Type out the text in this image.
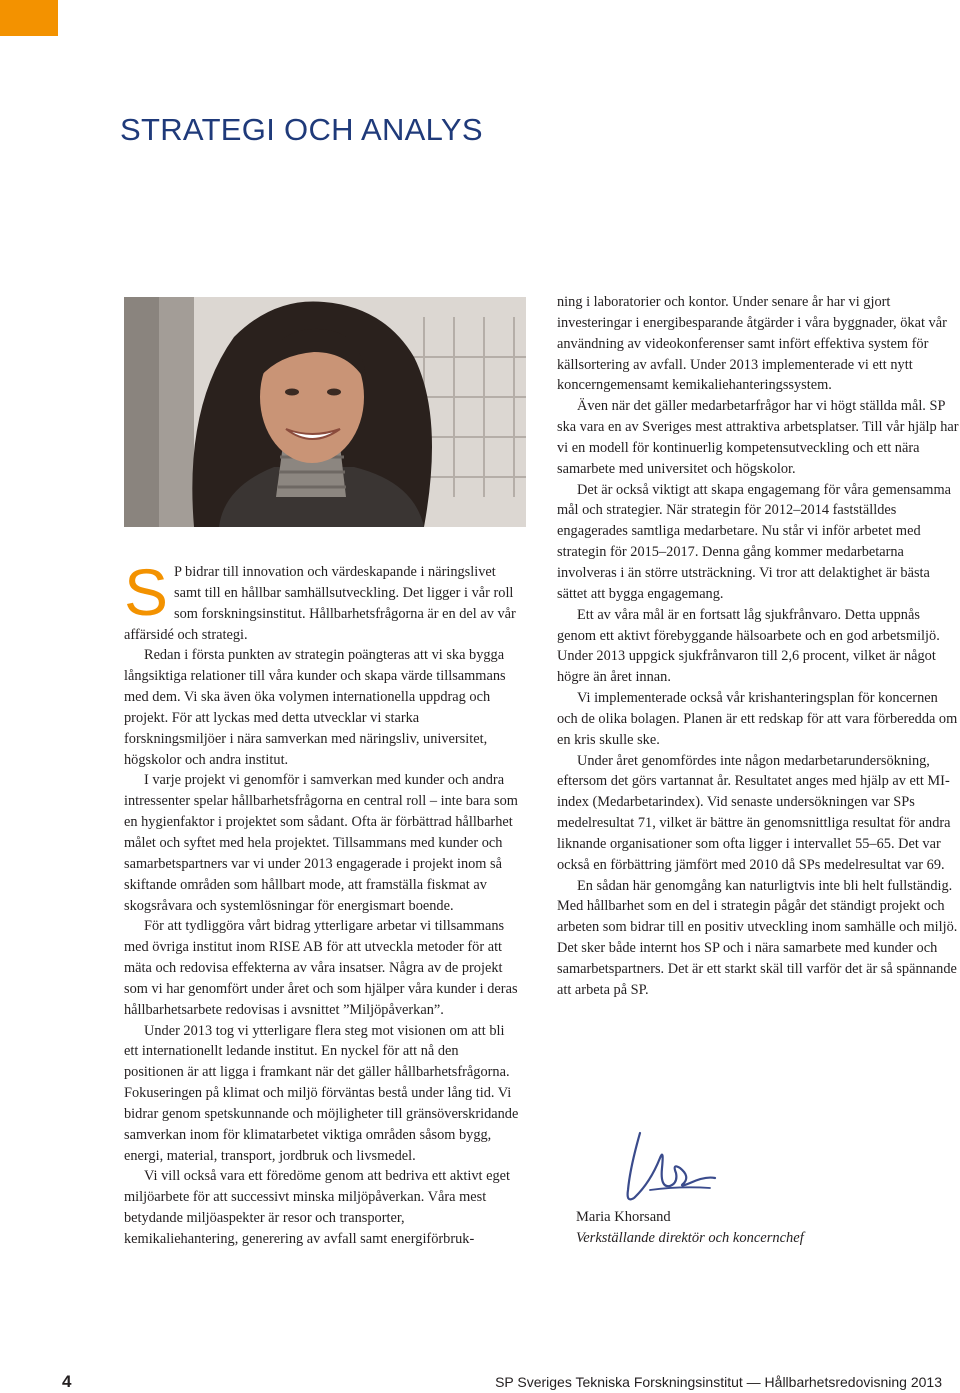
STRATEGI OCH ANALYS

S P bidrar till innovation och värdeskapande i näringslivet samt till en hållbar samhällsutveckling. Det ligger i vår roll som forskningsinstitut. Hållbarhetsfrågorna är en del av vår affärsidé och strategi.

Redan i första punkten av strategin poängteras att vi ska bygga långsiktiga relationer till våra kunder och skapa värde tillsammans med dem. Vi ska även öka volymen internationella uppdrag och projekt. För att lyckas med detta utvecklar vi starka forskningsmiljöer i nära samverkan med näringsliv, universitet, högskolor och andra institut.

I varje projekt vi genomför i samverkan med kunder och andra intressenter spelar hållbarhetsfrågorna en central roll – inte bara som en hygienfaktor i projektet som sådant. Ofta är förbättrad hållbarhet målet och syftet med hela projektet. Tillsammans med kunder och samarbetspartners var vi under 2013 engagerade i projekt inom så skiftande områden som hållbart mode, att framställa fiskmat av skogsråvara och systemlösningar för energismart boende.

För att tydliggöra vårt bidrag ytterligare arbetar vi tillsammans med övriga institut inom RISE AB för att utveckla metoder för att mäta och redovisa effekterna av våra insatser. Några av de projekt som vi har genomfört under året och som hjälper våra kunder i deras hållbarhetsarbete redovisas i avsnittet ”Miljöpåverkan”.

Under 2013 tog vi ytterligare flera steg mot visionen om att bli ett internationellt ledande institut. En nyckel för att nå den positionen är att ligga i framkant när det gäller hållbarhetsfrågorna. Fokuseringen på klimat och miljö förväntas bestå under lång tid. Vi bidrar genom spetskunnande och möjligheter till gränsöverskridande samverkan inom för klimatarbetet viktiga områden såsom bygg, energi, material, transport, jordbruk och livsmedel.

Vi vill också vara ett föredöme genom att bedriva ett aktivt eget miljöarbete för att successivt minska miljöpåverkan. Våra mest betydande miljöaspekter är resor och transporter, kemikaliehantering, generering av avfall samt energiförbruk-

ning i laboratorier och kontor. Under senare år har vi gjort investeringar i energibesparande åtgärder i våra byggnader, ökat vår användning av videokonferenser samt infört effektiva system för källsortering av avfall. Under 2013 implementerade vi ett nytt koncerngemensamt kemikaliehanteringssystem.

Även när det gäller medarbetarfrågor har vi högt ställda mål. SP ska vara en av Sveriges mest attraktiva arbetsplatser. Till vår hjälp har vi en modell för kontinuerlig kompetensutveckling och ett nära samarbete med universitet och högskolor.

Det är också viktigt att skapa engagemang för våra gemensamma mål och strategier. När strategin för 2012–2014 fastställdes engagerades samtliga medarbetare. Nu står vi inför arbetet med strategin för 2015–2017. Denna gång kommer medarbetarna involveras i än större utsträckning. Vi tror att delaktighet är bästa sättet att bygga engagemang.

Ett av våra mål är en fortsatt låg sjukfrånvaro. Detta uppnås genom ett aktivt förebyggande hälsoarbete och en god arbetsmiljö. Under 2013 uppgick sjukfrånvaron till 2,6 procent, vilket är något högre än året innan.

Vi implementerade också vår krishanteringsplan för koncernen och de olika bolagen. Planen är ett redskap för att vara förberedda om en kris skulle ske.

Under året genomfördes inte någon medarbetarundersökning, eftersom det görs vartannat år. Resultatet anges med hjälp av ett MI-index (Medarbetarindex). Vid senaste undersökningen var SPs medelresultat 71, vilket är bättre än genomsnittliga resultat för andra liknande organisationer som ofta ligger i intervallet 55–65. Det var också en förbättring jämfört med 2010 då SPs medelresultat var 69.

En sådan här genomgång kan naturligtvis inte bli helt fullständig. Med hållbarhet som en del i strategin pågår det ständigt projekt och arbeten som bidrar till en positiv utveckling inom samhälle och miljö. Det sker både internt hos SP och i nära samarbete med kunder och samarbetspartners. Det är ett starkt skäl till varför det är så spännande att arbeta på SP.

Maria Khorsand
Verkställande direktör och koncernchef
4	SP Sveriges Tekniska Forskningsinstitut — Hållbarhetsredovisning 2013
